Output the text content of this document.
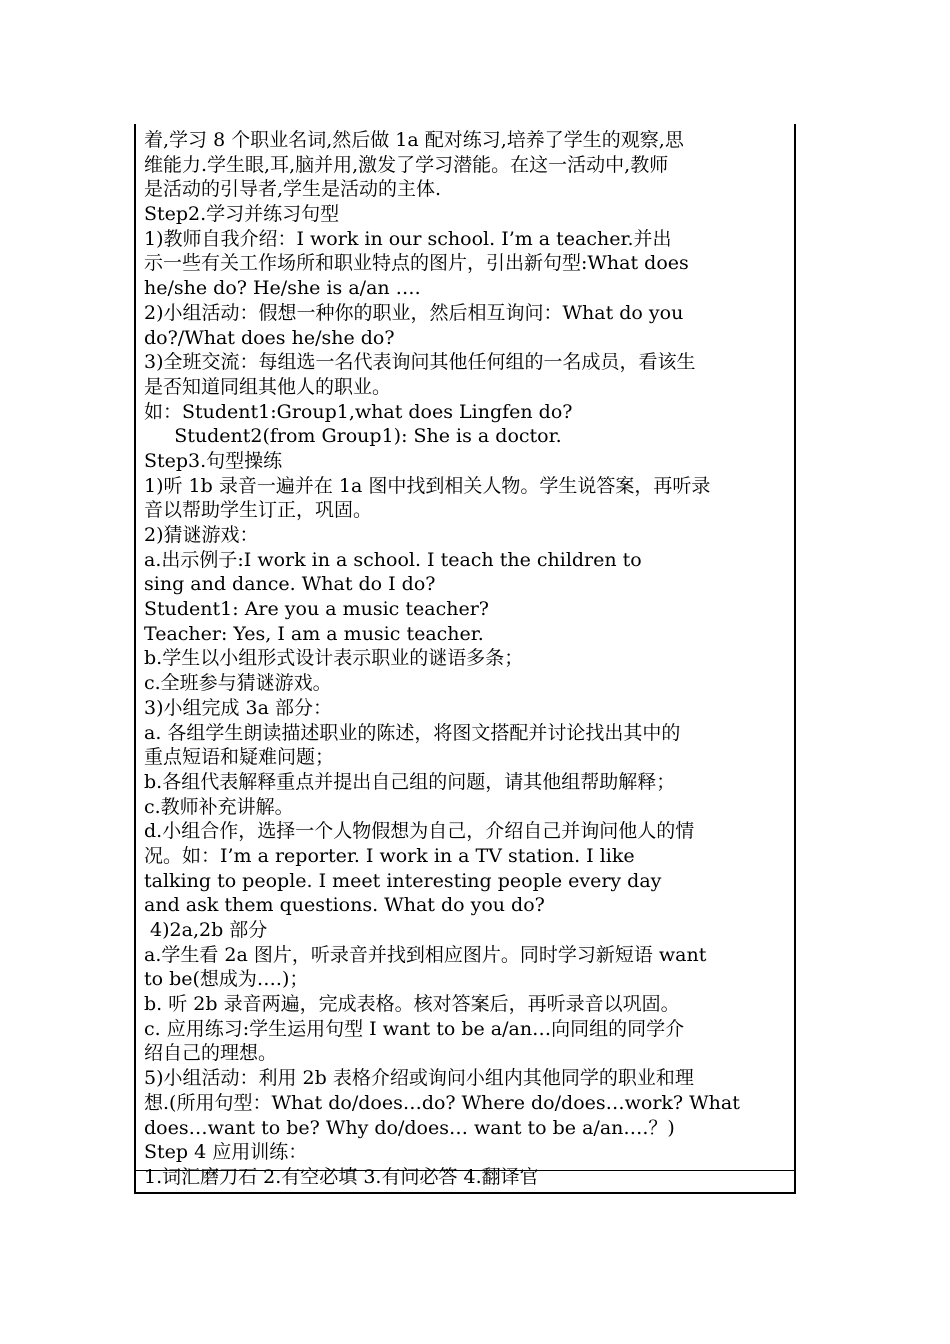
着,学习 8 个职业名词,然后做 1a 配对练习,培养了学生的观察,思
维能力.学生眼,耳,脑并用,激发了学习潜能。在这一活动中,教师
是活动的引导者,学生是活动的主体.
Step2.学习并练习句型
1)教师自我介绍：I work in our school. I’m a teacher.并出
示一些有关工作场所和职业特点的图片，引出新句型:What does
he/she do? He/she is a/an ….
2)小组活动：假想一种你的职业，然后相互询问：What do you
do?/What does he/she do?
3)全班交流：每组选一名代表询问其他任何组的一名成员，看该生
是否知道同组其他人的职业。
如：Student1:Group1,what does Lingfen do?
Student2(from Group1): She is a doctor.
Step3.句型操练
1)听 1b 录音一遍并在 1a 图中找到相关人物。学生说答案，再听录
音以帮助学生订正，巩固。
2)猜谜游戏：
a.出示例子:I work in a school. I teach the children to
sing and dance. What do I do?
Student1: Are you a music teacher?
Teacher: Yes, I am a music teacher.
b.学生以小组形式设计表示职业的谜语多条；
c.全班参与猜谜游戏。
3)小组完成 3a 部分：
a. 各组学生朗读描述职业的陈述，将图文搭配并讨论找出其中的
重点短语和疑难问题；
b.各组代表解释重点并提出自己组的问题，请其他组帮助解释；
c.教师补充讲解。
d.小组合作，选择一个人物假想为自己，介绍自己并询问他人的情
况。如：I’m a reporter. I work in a TV station. I like
talking to people. I meet interesting people every day
and ask them questions. What do you do?
4)2a,2b 部分
a.学生看 2a 图片，听录音并找到相应图片。同时学习新短语 want
to be(想成为….)；
b. 听 2b 录音两遍，完成表格。核对答案后，再听录音以巩固。
c. 应用练习:学生运用句型 I want to be a/an…向同组的同学介
绍自己的理想。
5)小组活动：利用 2b 表格介绍或询问小组内其他同学的职业和理
想.(所用句型：What do/does…do? Where do/does…work? What
does…want to be? Why do/does… want to be a/an….？)
Step 4 应用训练：
1.词汇磨刀石 2.有空必填 3.有问必答 4.翻译官
